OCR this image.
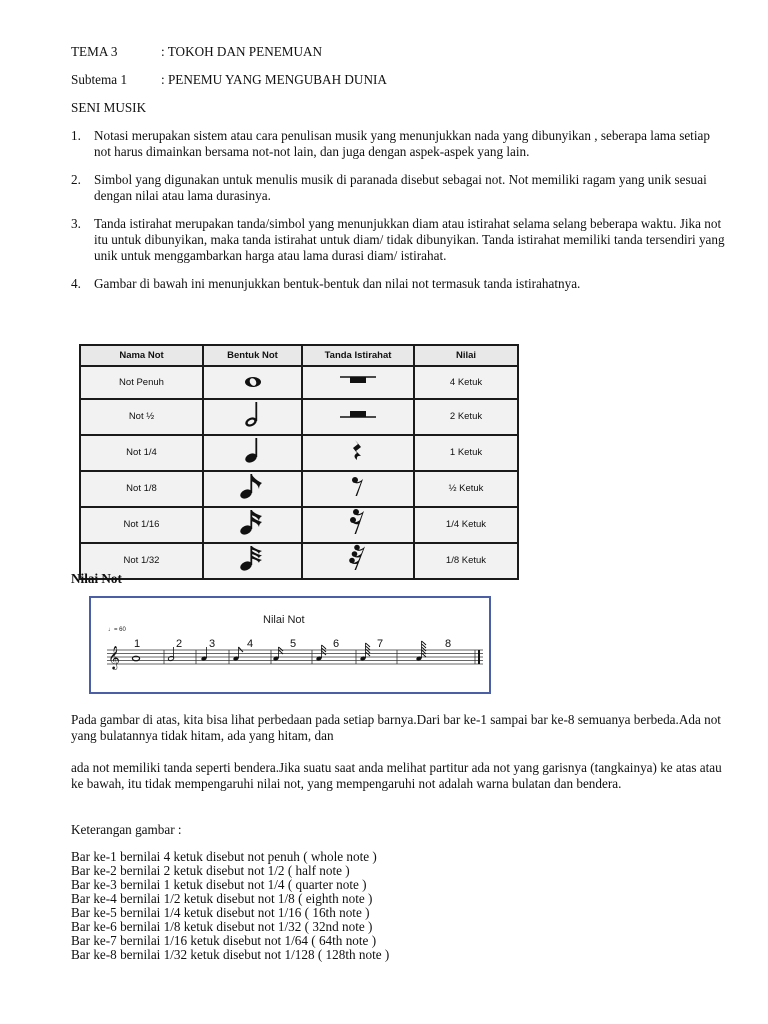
TEMA 3	: TOKOH DAN PENEMUAN
Subtema 1	: PENEMU YANG MENGUBAH DUNIA
SENI MUSIK
1. Notasi merupakan sistem atau cara penulisan musik yang menunjukkan nada yang dibunyikan , seberapa lama setiap not harus dimainkan bersama not-not lain, dan juga dengan aspek-aspek yang lain.
2. Simbol yang digunakan untuk menulis musik di paranada disebut sebagai not. Not memiliki ragam yang unik sesuai dengan nilai atau lama durasinya.
3. Tanda istirahat merupakan tanda/simbol yang menunjukkan diam atau istirahat selama selang beberapa waktu. Jika not itu untuk dibunyikan, maka tanda istirahat untuk diam/ tidak dibunyikan. Tanda istirahat memiliki tanda tersendiri yang unik untuk menggambarkan harga atau lama durasi diam/ istirahat.
4. Gambar di bawah ini menunjukkan bentuk-bentuk dan nilai not termasuk tanda istirahatnya.
Nama Not	Bentuk Not	Tanda Istirahat	Nilai
Not Penuh			4 Ketuk
Not ½			2 Ketuk
Not 1/4			1 Ketuk
Not 1/8			½ Ketuk
Not 1/16			1/4 Ketuk
Not 1/32			1/8 Ketuk
Nilai Not
Nilai Not
♩= 60
𝄞
1	2 3	4	5	6	7	8
Pada gambar di atas, kita bisa lihat perbedaan pada setiap barnya.Dari bar ke-1 sampai bar ke-8 semuanya berbeda.Ada not yang bulatannya tidak hitam, ada yang hitam, dan
ada not memiliki tanda seperti bendera.Jika suatu saat anda melihat partitur ada not yang garisnya (tangkainya) ke atas atau ke bawah, itu tidak mempengaruhi nilai not, yang mempengaruhi not adalah warna bulatan dan bendera.
Keterangan gambar :
Bar ke-1 bernilai 4 ketuk disebut not penuh ( whole note )
Bar ke-2 bernilai 2 ketuk disebut not 1/2 ( half note )
Bar ke-3 bernilai 1 ketuk disebut not 1/4 ( quarter note )
Bar ke-4 bernilai 1/2 ketuk disebut not 1/8 ( eighth note )
Bar ke-5 bernilai 1/4 ketuk disebut not 1/16 ( 16th note )
Bar ke-6 bernilai 1/8 ketuk disebut not 1/32 ( 32nd note )
Bar ke-7 bernilai 1/16 ketuk disebut not 1/64 ( 64th note )
Bar ke-8 bernilai 1/32 ketuk disebut not 1/128 ( 128th note )
